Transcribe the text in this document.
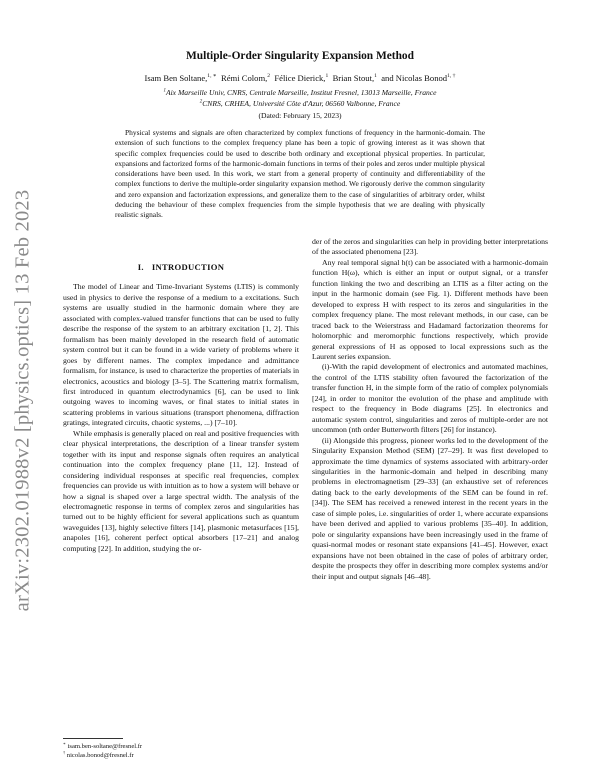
arXiv:2302.01988v2 [physics.optics] 13 Feb 2023
Multiple-Order Singularity Expansion Method
Isam Ben Soltane,$^{1, ∗}$ Rémi Colom,$^2$ Félice Dierick,$^1$ Brian Stout,$^1$ and Nicolas Bonod$^{1, \dagger}$
$^1$Aix Marseille Univ, CNRS, Centrale Marseille, Institut Fresnel, 13013 Marseille, France
$^2$CNRS, CRHEA, Université Côte d'Azur, 06560 Valbonne, France
(Dated: February 15, 2023)

Physical systems and signals are often characterized by complex functions of frequency in the harmonic-domain. The extension of such functions to the complex frequency plane has been a topic of growing interest as it was shown that specific complex frequencies could be used to describe both ordinary and exceptional physical properties. In particular, expansions and factorized forms of the harmonic-domain functions in terms of their poles and zeros under multiple physical considerations have been used. In this work, we start from a general property of continuity and differentiability of the complex functions to derive the multiple-order singularity expansion method. We rigorously derive the common singularity and zero expansion and factorization expressions, and generalize them to the case of singularities of arbitrary order, whilst deducing the behaviour of these complex frequencies from the simple hypothesis that we are dealing with physically realistic signals.

I. INTRODUCTION

The model of Linear and Time-Invariant Systems (LTIS) is commonly used in physics to derive the response of a medium to a excitations. Such systems are usually studied in the harmonic domain where they are associated with complex-valued transfer functions that can be used to fully describe the response of the system to an arbitrary excitation [1, 2]. This formalism has been mainly developed in the research field of automatic system control but it can be found in a wide variety of problems where it goes by different names. The complex impedance and admittance formalism, for instance, is used to characterize the properties of materials in electronics, acoustics and biology [3–5]. The Scattering matrix formalism, first introduced in quantum electrodynamics [6], can be used to link outgoing waves to incoming waves, or final states to initial states in scattering problems in various situations (transport phenomena, diffraction gratings, integrated circuits, chaotic systems, ...) [7–10].

While emphasis is generally placed on real and positive frequencies with clear physical interpretations, the description of a linear transfer system together with its input and response signals often requires an analytical continuation into the complex frequency plane [11, 12]. Instead of considering individual responses at specific real frequencies, complex frequencies can provide us with intuition as to how a system will behave or how a signal is shaped over a large spectral width. The analysis of the electromagnetic response in terms of complex zeros and singularities has turned out to be highly efficient for several applications such as quantum waveguides [13], highly selective filters [14], plasmonic metasurfaces [15], anapoles [16], coherent perfect optical absorbers [17–21] and analog computing [22]. In addition, studying the or-

der of the zeros and singularities can help in providing better interpretations of the associated phenomena [23].

Any real temporal signal h(t) can be associated with a harmonic-domain function H(ω), which is either an input or output signal, or a transfer function linking the two and describing an LTIS as a filter acting on the input in the harmonic domain (see Fig. 1). Different methods have been developed to express H with respect to its zeros and singularities in the complex frequency plane. The most relevant methods, in our case, can be traced back to the Weierstrass and Hadamard factorization theorems for holomorphic and meromorphic functions respectively, which provide general expressions of H as opposed to local expressions such as the Laurent series expansion.

(i)-With the rapid development of electronics and automated machines, the control of the LTIS stability often favoured the factorization of the transfer function H, in the simple form of the ratio of complex polynomials [24], in order to monitor the evolution of the phase and amplitude with respect to the frequency in Bode diagrams [25]. In electronics and automatic system control, singularities and zeros of multiple-order are not uncommon (nth order Butterworth filters [26] for instance).

(ii) Alongside this progress, pioneer works led to the development of the Singularity Expansion Method (SEM) [27–29]. It was first developed to approximate the time dynamics of systems associated with arbitrary-order singularities in the harmonic-domain and helped in describing many problems in electromagnetism [29–33] (an exhaustive set of references dating back to the early developments of the SEM can be found in ref. [34]). The SEM has received a renewed interest in the recent years in the case of simple poles, i.e. singularities of order 1, where accurate expansions have been derived and applied to various problems [35–40]. In addition, pole or singularity expansions have been increasingly used in the frame of quasi-normal modes or resonant state expansions [41–45]. However, exact expansions have not been obtained in the case of poles of arbitrary order, despite the prospects they offer in describing more complex systems and/or their input and output signals [46–48].

∗ isam.ben-soltane@fresnel.fr
† nicolas.bonod@fresnel.fr
